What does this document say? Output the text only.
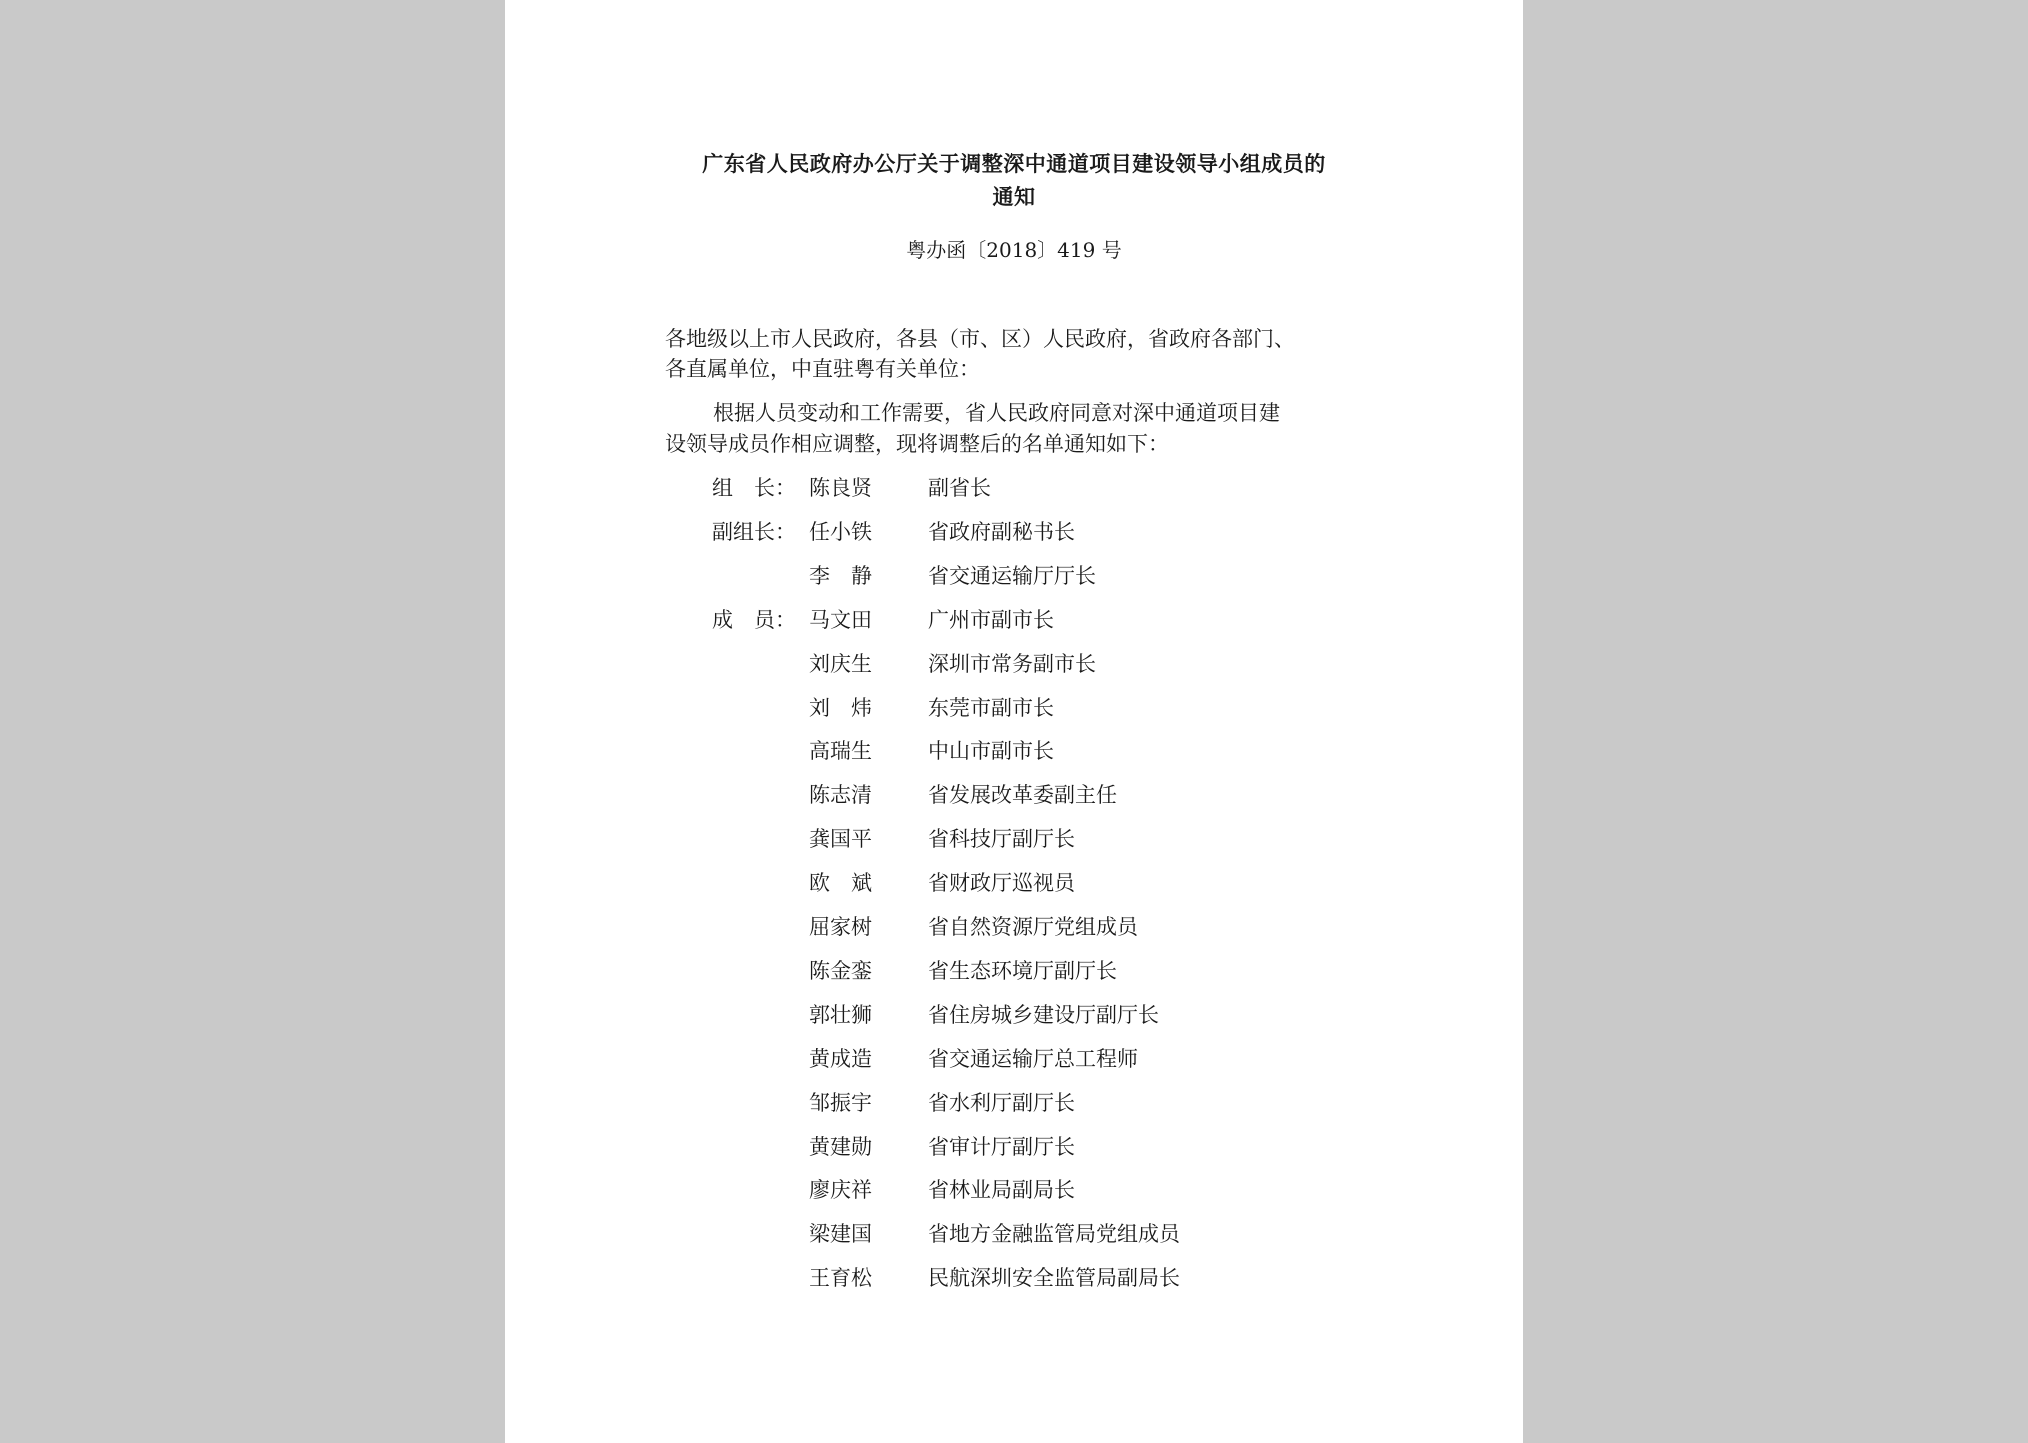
广东省人民政府办公厅关于调整深中通道项目建设领导小组成员的
通知
粤办函〔2018〕419 号
各地级以上市人民政府，各县（市、区）人民政府，省政府各部门、
各直属单位，中直驻粤有关单位：
根据人员变动和工作需要，省人民政府同意对深中通道项目建
设领导成员作相应调整，现将调整后的名单通知如下：
组　长： 陈良贤	副省长
副组长： 任小铁	省政府副秘书长
李　静	省交通运输厅厅长
成　员： 马文田	广州市副市长
刘庆生	深圳市常务副市长
刘　炜	东莞市副市长
高瑞生	中山市副市长
陈志清	省发展改革委副主任
龚国平	省科技厅副厅长
欧　斌	省财政厅巡视员
屈家树	省自然资源厅党组成员
陈金銮	省生态环境厅副厅长
郭壮狮	省住房城乡建设厅副厅长
黄成造	省交通运输厅总工程师
邹振宇	省水利厅副厅长
黄建勋	省审计厅副厅长
廖庆祥	省林业局副局长
梁建国	省地方金融监管局党组成员
王育松	民航深圳安全监管局副局长
